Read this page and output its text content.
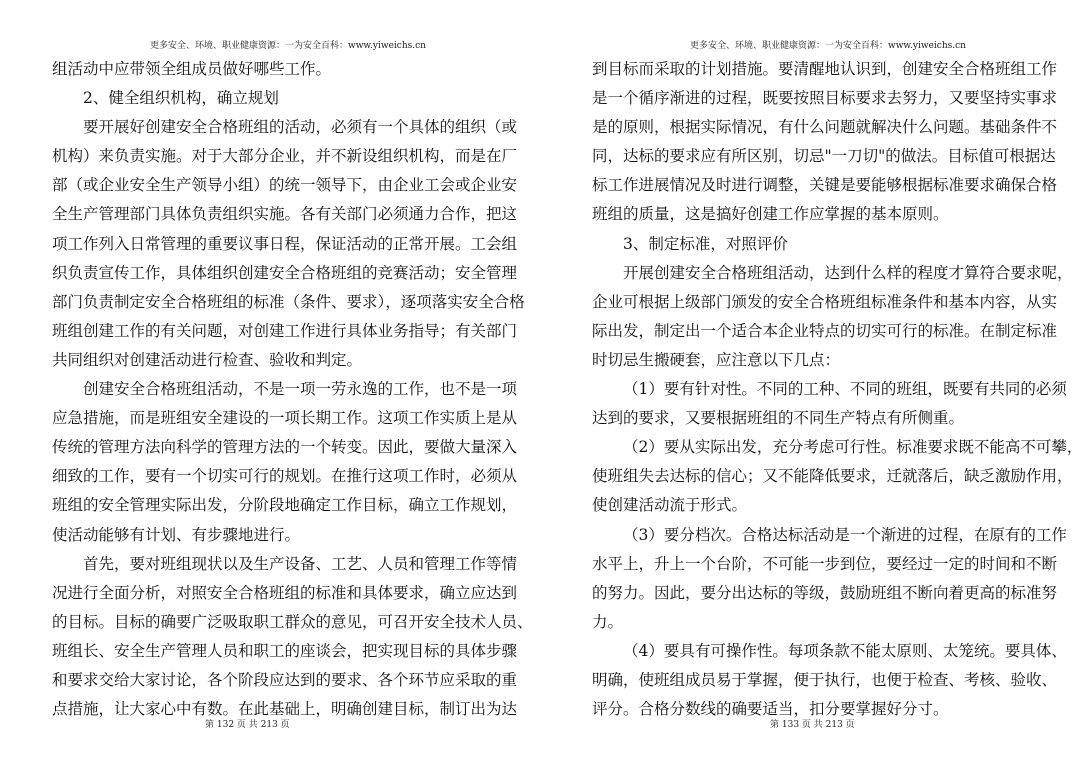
更多安全、环境、职业健康资源：一为安全百科：www.yiweichs.cn
组活动中应带领全组成员做好哪些工作。
2、健全组织机构，确立规划
要开展好创建安全合格班组的活动，必须有一个具体的组织（或
机构）来负责实施。对于大部分企业，并不新设组织机构，而是在厂
部（或企业安全生产领导小组）的统一领导下，由企业工会或企业安
全生产管理部门具体负责组织实施。各有关部门必须通力合作，把这
项工作列入日常管理的重要议事日程，保证活动的正常开展。工会组
织负责宣传工作，具体组织创建安全合格班组的竞赛活动；安全管理
部门负责制定安全合格班组的标准（条件、要求），逐项落实安全合格
班组创建工作的有关问题，对创建工作进行具体业务指导；有关部门
共同组织对创建活动进行检查、验收和判定。
创建安全合格班组活动，不是一项一劳永逸的工作，也不是一项
应急措施，而是班组安全建设的一项长期工作。这项工作实质上是从
传统的管理方法向科学的管理方法的一个转变。因此，要做大量深入
细致的工作，要有一个切实可行的规划。在推行这项工作时，必须从
班组的安全管理实际出发，分阶段地确定工作目标，确立工作规划，
使活动能够有计划、有步骤地进行。
首先，要对班组现状以及生产设备、工艺、人员和管理工作等情
况进行全面分析，对照安全合格班组的标准和具体要求，确立应达到
的目标。目标的确要广泛吸取职工群众的意见，可召开安全技术人员、
班组长、安全生产管理人员和职工的座谈会，把实现目标的具体步骤
和要求交给大家讨论，各个阶段应达到的要求、各个环节应采取的重
点措施，让大家心中有数。在此基础上，明确创建目标，制订出为达
第 132 页 共 213 页
更多安全、环境、职业健康资源：一为安全百科：www.yiweichs.cn
到目标而采取的计划措施。要清醒地认识到，创建安全合格班组工作
是一个循序渐进的过程，既要按照目标要求去努力，又要坚持实事求
是的原则，根据实际情况，有什么问题就解决什么问题。基础条件不
同，达标的要求应有所区别，切忌"一刀切"的做法。目标值可根据达
标工作进展情况及时进行调整，关键是要能够根据标准要求确保合格
班组的质量，这是搞好创建工作应掌握的基本原则。
3、制定标准，对照评价
开展创建安全合格班组活动，达到什么样的程度才算符合要求呢，
企业可根据上级部门颁发的安全合格班组标准条件和基本内容，从实
际出发，制定出一个适合本企业特点的切实可行的标准。在制定标准
时切忌生搬硬套，应注意以下几点：
（1）要有针对性。不同的工种、不同的班组，既要有共同的必须
达到的要求，又要根据班组的不同生产特点有所侧重。
（2）要从实际出发，充分考虑可行性。标准要求既不能高不可攀，
使班组失去达标的信心；又不能降低要求，迁就落后，缺乏激励作用，
使创建活动流于形式。
（3）要分档次。合格达标活动是一个渐进的过程，在原有的工作
水平上，升上一个台阶，不可能一步到位，要经过一定的时间和不断
的努力。因此，要分出达标的等级，鼓励班组不断向着更高的标准努
力。
（4）要具有可操作性。每项条款不能太原则、太笼统。要具体、
明确，使班组成员易于掌握，便于执行，也便于检查、考核、验收、
评分。合格分数线的确要适当，扣分要掌握好分寸。
第 133 页 共 213 页
